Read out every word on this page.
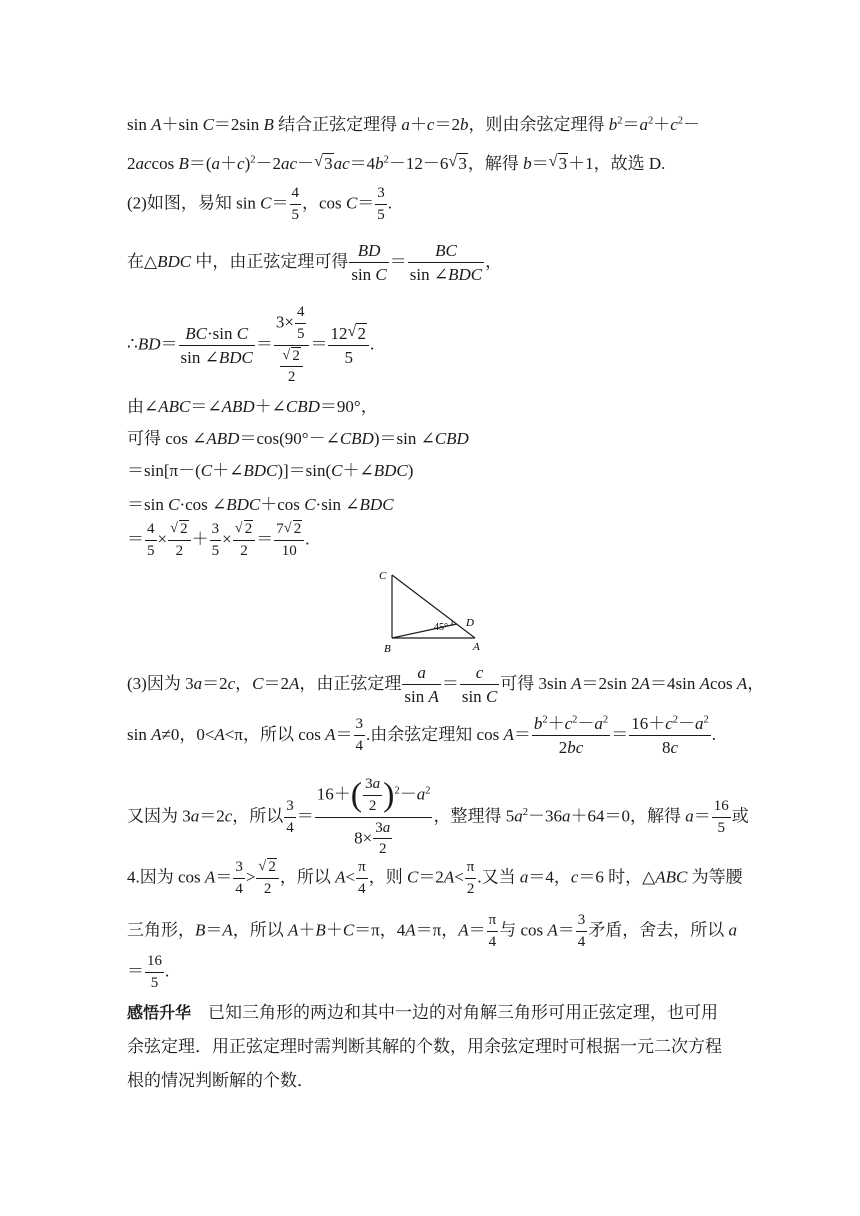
sin A＋sin C＝2sin B 结合正弦定理得 a＋c＝2b，则由余弦定理得 $b^2=a^2+c^2-$
2accos $B=(a+c)^2-2ac-$ √ $3ac=4b^2-12-6$ √ 3，解得 b＝ √ 3＋1，故选 D.
(2)如图，易知 $\sin C= \frac{4}{5}$ ，$\cos C= \frac{3}{5}$ .
在△BDC 中，由正弦定理可得 $\frac{BD}{\text{sin C}} = \frac{BC}{\text{sin ∠BDC}}$ ，
∴BD＝ $\frac{\text{BC·sin C}}{\text{sin ∠BDC}} = \frac{3\times \frac{4}{5}}{\frac{√ 2}{2}} = \frac{12 √ 2}{5}$ .
由∠ABC＝∠ABD＋∠CBD＝90°，
可得 cos ∠ABD＝cos(90°－∠CBD)＝sin ∠CBD
＝sin[π－(C＋∠BDC)]＝sin(C＋∠BDC)
＝sin C·cos ∠BDC＋cos C·sin ∠BDC
＝ $\frac{4}{5} \times \frac{√ 2}{2} + \frac{3}{5} \times \frac{√ 2}{2} = \frac{7 √ 2}{10}$ .
C
D
B	A
45°
(3)因为 3a＝2c，C＝2A，由正弦定理 $\frac{a}{\text{sin A}} = \frac{c}{\text{sin C}}$ 可得 3sin A＝2sin 2A＝4sin Acos A，
sin A≠0，0<A<π，所以 $\cos A= \frac{3}{4}$ .由余弦定理知 $\cos A= \frac{b^2+c^2-a^2}{2bc} = \frac{16+c^2-a^2}{8c}$ .
又因为 3a＝2c，所以 $\frac{3}{4} = \frac{16+( \frac{3a}{2} )^2-a^2}{8\times \frac{3a}{2}}$ ，整理得 $5a^2-36a+64=0$，解得 $a= \frac{16}{5}$ 或
4.因为 $\cos A= \frac{3}{4} > \frac{√ 2}{2}$ ，所以 $A< \frac{\pi}{4}$ ，则 $C=2A< \frac{\pi}{2}$ .又当 a＝4，c＝6 时，△ABC 为等腰
三角形，B＝A，所以 A＋B＋C＝π，4A＝π，$A= \frac{\pi}{4}$ 与 $\cos A= \frac{3}{4}$ 矛盾，舍去，所以 a
＝ $\frac{16}{5}$ .
感悟升华　已知三角形的两边和其中一边的对角解三角形可用正弦定理，也可用
余弦定理．用正弦定理时需判断其解的个数，用余弦定理时可根据一元二次方程
根的情况判断解的个数．
